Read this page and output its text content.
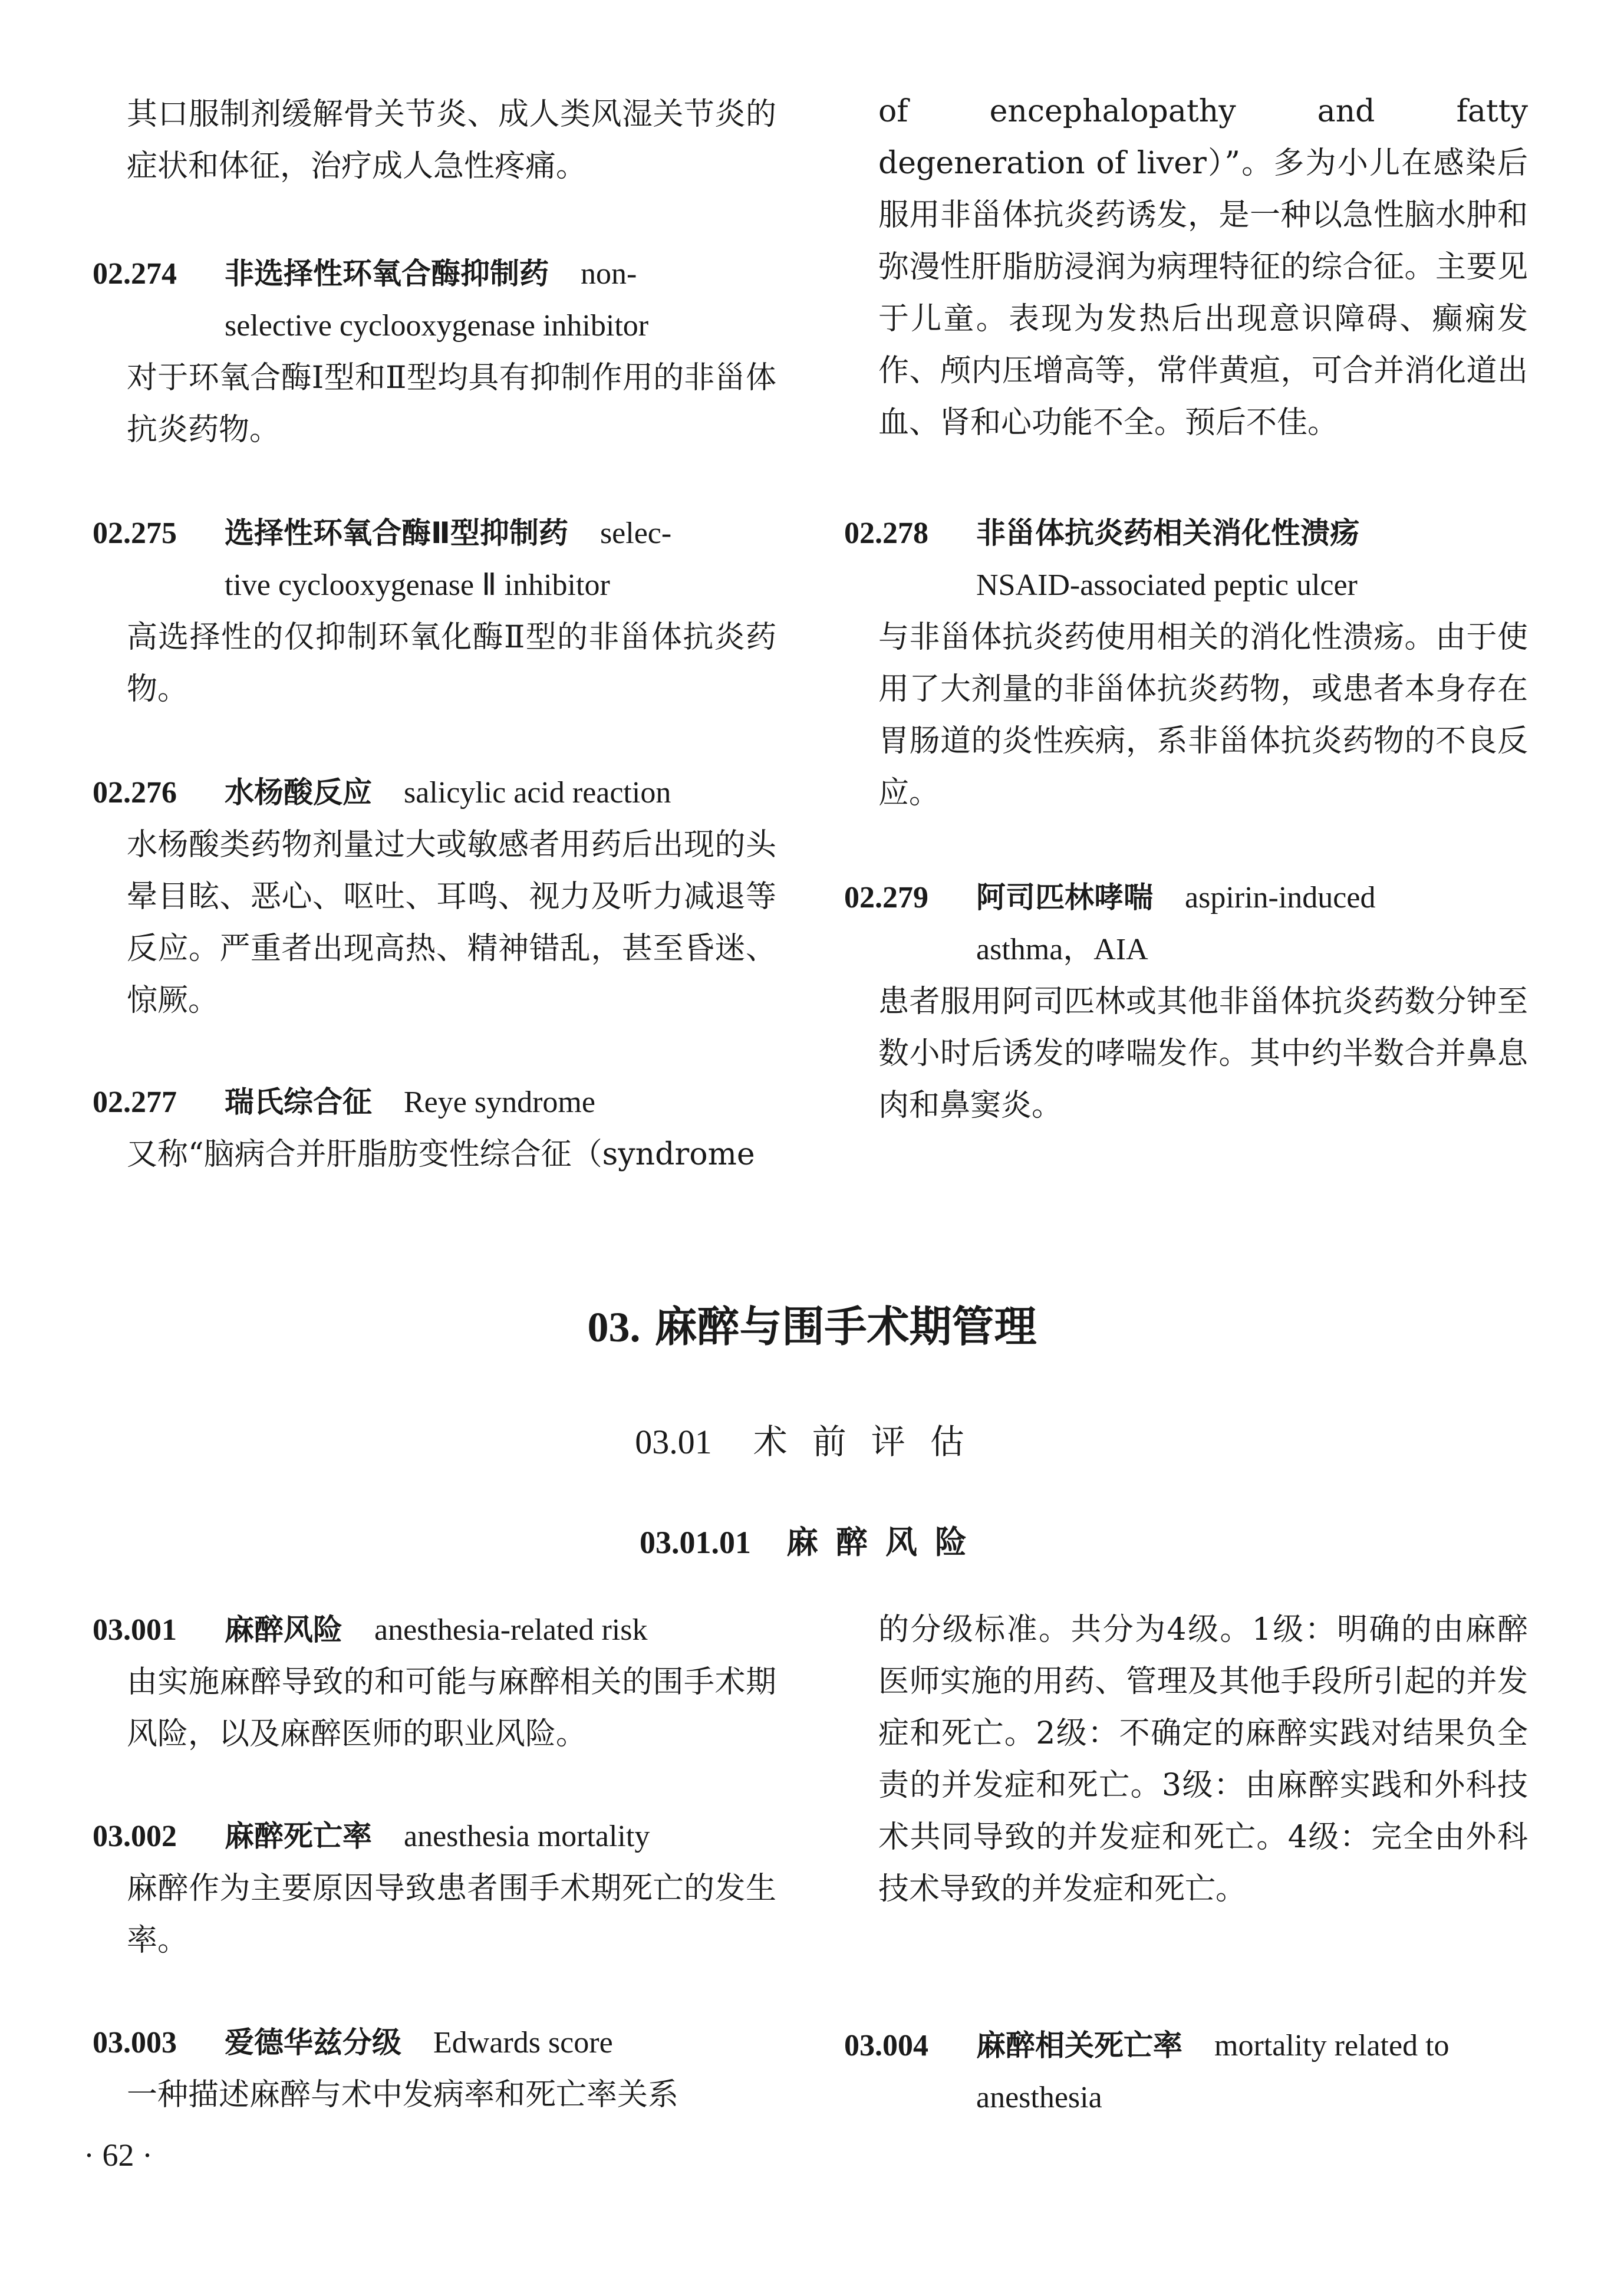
其口服制剂缓解骨关节炎、成人类风湿关节炎的症状和体征，治疗成人急性疼痛。

02.274 非选择性环氧合酶抑制药 non-
selective cyclooxygenase inhibitor

对于环氧合酶Ⅰ型和Ⅱ型均具有抑制作用的非甾体抗炎药物。

02.275 选择性环氧合酶Ⅱ型抑制药 selec-
tive cyclooxygenase Ⅱ inhibitor

高选择性的仅抑制环氧化酶Ⅱ型的非甾体抗炎药物。

02.276 水杨酸反应 salicylic acid reaction

水杨酸类药物剂量过大或敏感者用药后出现的头晕目眩、恶心、呕吐、耳鸣、视力及听力减退等反应。严重者出现高热、精神错乱，甚至昏迷、惊厥。

02.277 瑞氏综合征 Reye syndrome

又称“脑病合并肝脂肪变性综合征（syndrome

of encephalopathy and fatty degeneration of liver）”。多为小儿在感染后服用非甾体抗炎药诱发，是一种以急性脑水肿和弥漫性肝脂肪浸润为病理特征的综合征。主要见于儿童。表现为发热后出现意识障碍、癫痫发作、颅内压增高等，常伴黄疸，可合并消化道出血、肾和心功能不全。预后不佳。

02.278 非甾体抗炎药相关消化性溃疡
NSAID-associated peptic ulcer

与非甾体抗炎药使用相关的消化性溃疡。由于使用了大剂量的非甾体抗炎药物，或患者本身存在胃肠道的炎性疾病，系非甾体抗炎药物的不良反应。

02.279 阿司匹林哮喘 aspirin-induced
asthma，AIA

患者服用阿司匹林或其他非甾体抗炎药数分钟至数小时后诱发的哮喘发作。其中约半数合并鼻息肉和鼻窦炎。

03. 麻醉与围手术期管理
03.01 术前评估
03.01.01 麻醉风险
03.001 麻醉风险 anesthesia-related risk

由实施麻醉导致的和可能与麻醉相关的围手术期风险，以及麻醉医师的职业风险。

03.002 麻醉死亡率 anesthesia mortality

麻醉作为主要原因导致患者围手术期死亡的发生率。

03.003 爱德华兹分级 Edwards score

一种描述麻醉与术中发病率和死亡率关系

的分级标准。共分为4级。1级：明确的由麻醉医师实施的用药、管理及其他手段所引起的并发症和死亡。2级：不确定的麻醉实践对结果负全责的并发症和死亡。3级：由麻醉实践和外科技术共同导致的并发症和死亡。4级：完全由外科技术导致的并发症和死亡。

03.004 麻醉相关死亡率 mortality related to
anesthesia
· 62 ·
